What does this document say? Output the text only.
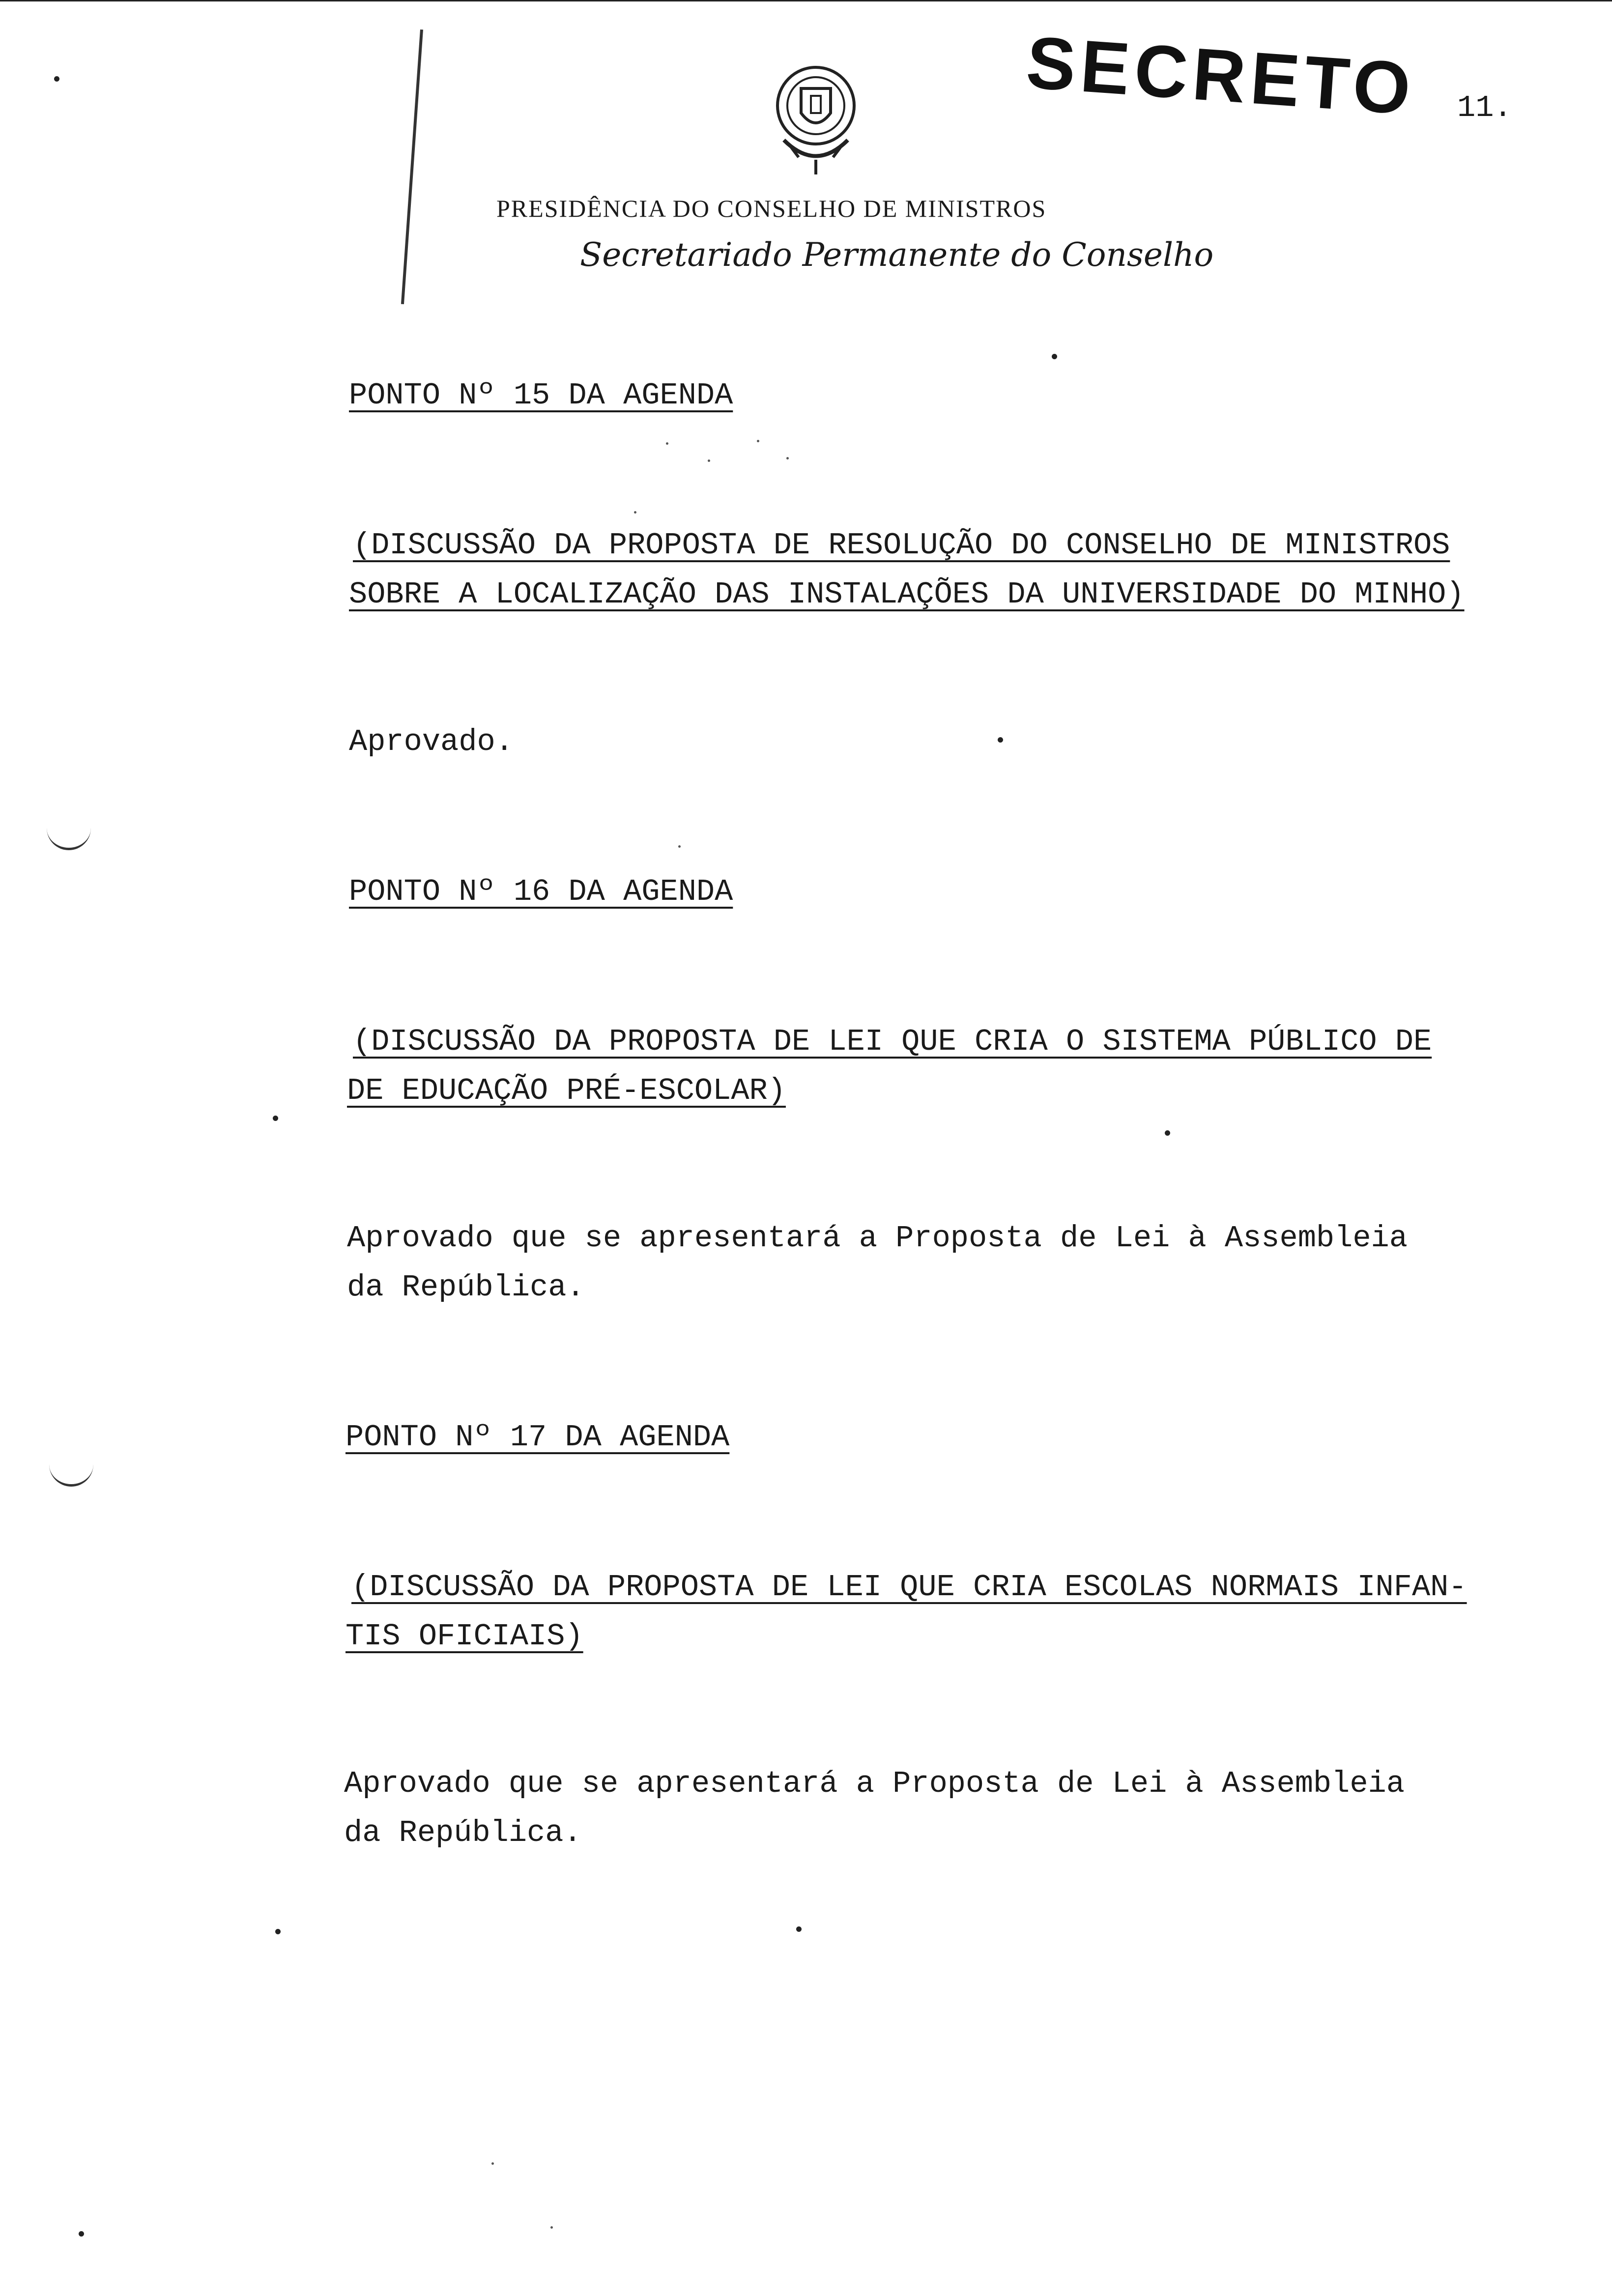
SECRETO 11.
PRESIDÊNCIA DO CONSELHO DE MINISTROS
Secretariado Permanente do Conselho
PONTO Nº 15 DA AGENDA
(DISCUSSÃO DA PROPOSTA DE RESOLUÇÃO DO CONSELHO DE MINISTROS
SOBRE A LOCALIZAÇÃO DAS INSTALAÇÕES DA UNIVERSIDADE DO MINHO)
Aprovado.
PONTO Nº 16 DA AGENDA
(DISCUSSÃO DA PROPOSTA DE LEI QUE CRIA O SISTEMA PÚBLICO DE
DE EDUCAÇÃO PRÉ-ESCOLAR)
Aprovado que se apresentará a Proposta de Lei à Assembleia
da República.
PONTO Nº 17 DA AGENDA
(DISCUSSÃO DA PROPOSTA DE LEI QUE CRIA ESCOLAS NORMAIS INFAN-
TIS OFICIAIS)
Aprovado que se apresentará a Proposta de Lei à Assembleia
da República.
